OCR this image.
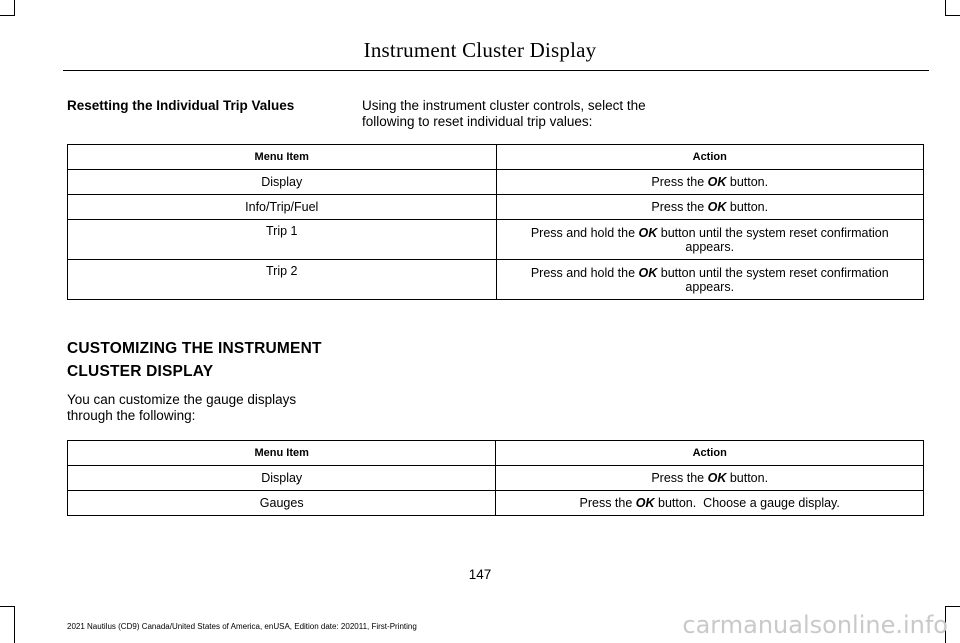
Instrument Cluster Display
Resetting the Individual Trip Values	Using the instrument cluster controls, select the following to reset individual trip values:
Menu Item	Action
Display	Press the OK button.
Info/Trip/Fuel	Press the OK button.
Trip 1	Press and hold the OK button until the system reset confirmation appears.
Trip 2	Press and hold the OK button until the system reset confirmation appears.
CUSTOMIZING THE INSTRUMENT
CLUSTER DISPLAY
You can customize the gauge displays through the following:
Menu Item	Action
Display	Press the OK button.
Gauges	Press the OK button.  Choose a gauge display.
147
2021 Nautilus (CD9) Canada/United States of America, enUSA, Edition date: 202011, First-Printing	carmanualsonline.info
